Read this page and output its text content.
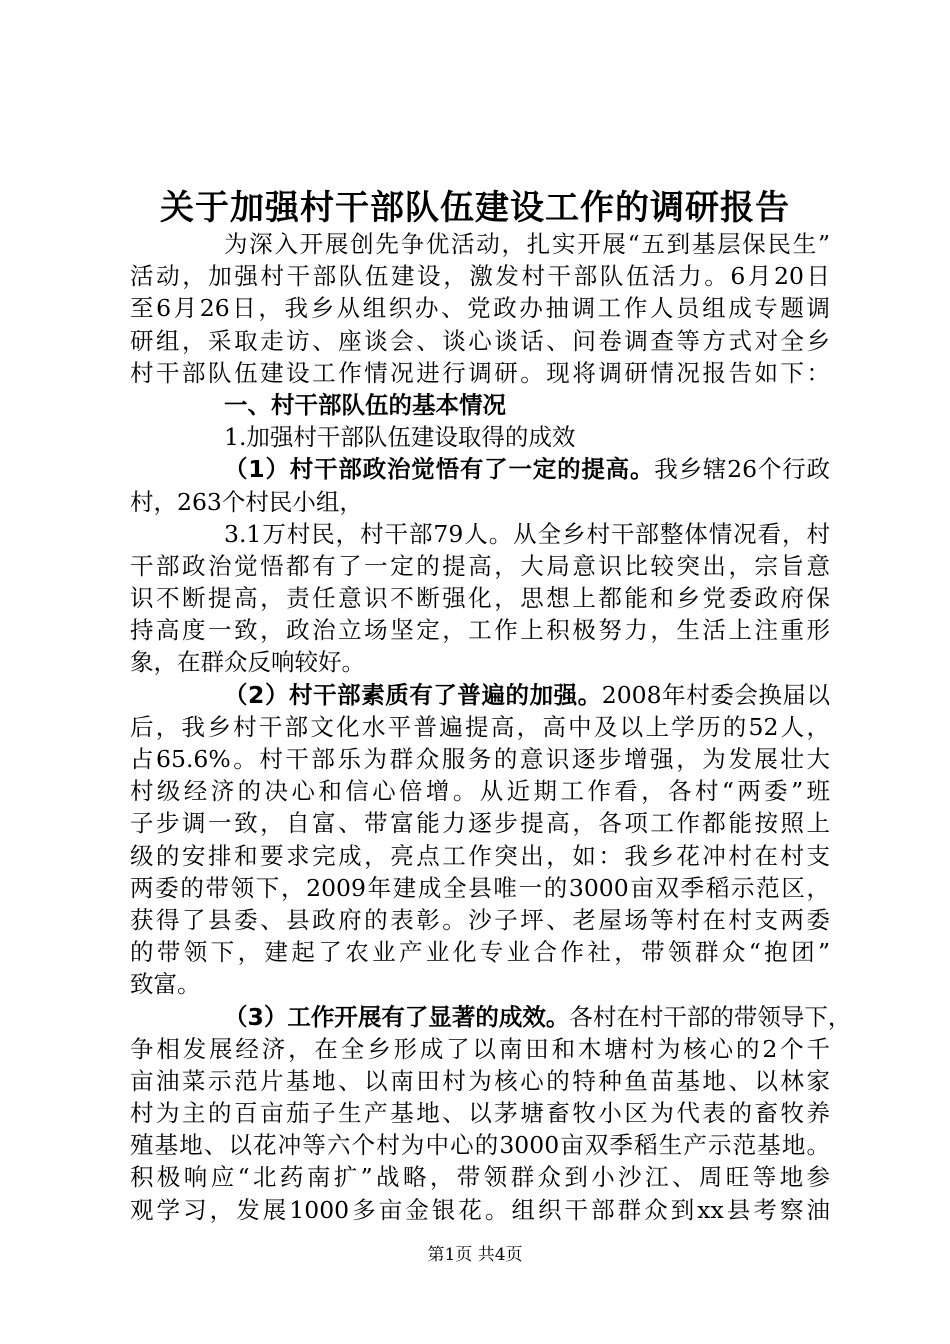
关于加强村干部队伍建设工作的调研报告
为深入开展创先争优活动，扎实开展“五到基层保民生”
活动，加强村干部队伍建设，激发村干部队伍活力。6月20日
至6月26日，我乡从组织办、党政办抽调工作人员组成专题调
研组，采取走访、座谈会、谈心谈话、问卷调查等方式对全乡
村干部队伍建设工作情况进行调研。现将调研情况报告如下：
一、村干部队伍的基本情况
1.加强村干部队伍建设取得的成效
（1）村干部政治觉悟有了一定的提高。我乡辖26个行政
村，263个村民小组，
3.1万村民，村干部79人。从全乡村干部整体情况看，村
干部政治觉悟都有了一定的提高，大局意识比较突出，宗旨意
识不断提高，责任意识不断强化，思想上都能和乡党委政府保
持高度一致，政治立场坚定，工作上积极努力，生活上注重形
象，在群众反响较好。
（2）村干部素质有了普遍的加强。2008年村委会换届以
后，我乡村干部文化水平普遍提高，高中及以上学历的52人，
占65.6%。村干部乐为群众服务的意识逐步增强，为发展壮大
村级经济的决心和信心倍增。从近期工作看，各村“两委”班
子步调一致，自富、带富能力逐步提高，各项工作都能按照上
级的安排和要求完成，亮点工作突出，如：我乡花冲村在村支
两委的带领下，2009年建成全县唯一的3000亩双季稻示范区，
获得了县委、县政府的表彰。沙子坪、老屋场等村在村支两委
的带领下，建起了农业产业化专业合作社，带领群众“抱团”
致富。
（3）工作开展有了显著的成效。各村在村干部的带领导下，
争相发展经济，在全乡形成了以南田和木塘村为核心的2个千
亩油菜示范片基地、以南田村为核心的特种鱼苗基地、以林家
村为主的百亩茄子生产基地、以茅塘畜牧小区为代表的畜牧养
殖基地、以花冲等六个村为中心的3000亩双季稻生产示范基地。
积极响应“北药南扩”战略，带领群众到小沙江、周旺等地参
观学习，发展1000多亩金银花。组织干部群众到xx县考察油
第1页 共4页
